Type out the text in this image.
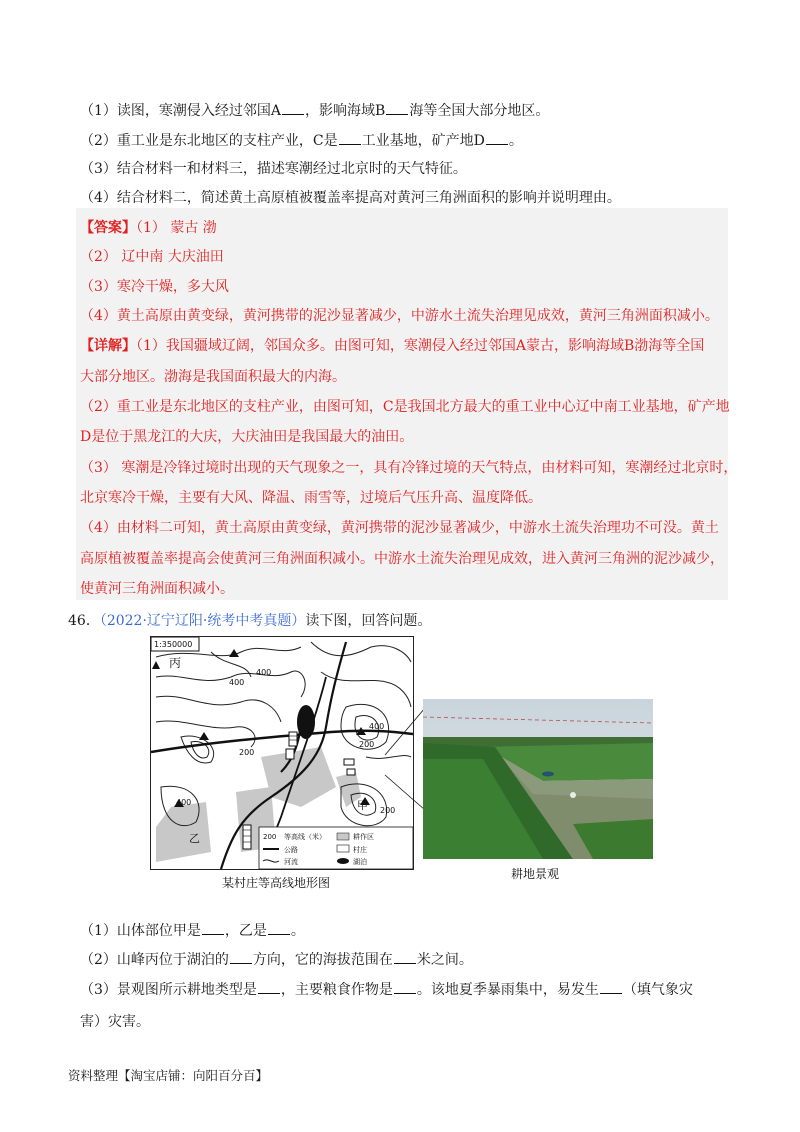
（1）读图，寒潮侵入经过邻国A ，影响海域B 海等全国大部分地区。
（2）重工业是东北地区的支柱产业，C是 工业基地，矿产地D 。
（3）结合材料一和材料三，描述寒潮经过北京时的天气特征。
（4）结合材料二，简述黄土高原植被覆盖率提高对黄河三角洲面积的影响并说明理由。
【答案】（1） 蒙古 渤
（2） 辽中南 大庆油田
（3）寒冷干燥，多大风
（4）黄土高原由黄变绿，黄河携带的泥沙显著减少，中游水土流失治理见成效，黄河三角洲面积减小。
【详解】（1）我国疆域辽阔，邻国众多。由图可知，寒潮侵入经过邻国A蒙古，影响海域B渤海等全国
大部分地区。渤海是我国面积最大的内海。
（2）重工业是东北地区的支柱产业，由图可知，C是我国北方最大的重工业中心辽中南工业基地，矿产地
D是位于黑龙江的大庆，大庆油田是我国最大的油田。
（3） 寒潮是冷锋过境时出现的天气现象之一，具有冷锋过境的天气特点，由材料可知，寒潮经过北京时，
北京寒冷干燥，主要有大风、降温、雨雪等，过境后气压升高、温度降低。
（4）由材料二可知，黄土高原由黄变绿，黄河携带的泥沙显著减少，中游水土流失治理功不可没。黄土
高原植被覆盖率提高会使黄河三角洲面积减小。中游水土流失治理见成效，进入黄河三角洲的泥沙减少，
使黄河三角洲面积减小。
46．（2022·辽宁辽阳·统考中考真题）读下图，回答问题。
400
400
200
400
200
400
200
1:350000
丙
甲
乙	200 等高线（米）
公路
河流
耕作区
村庄
湖泊
某村庄等高线地形图
耕地景观
（1）山体部位甲是 ，乙是 。
（2）山峰丙位于湖泊的 方向，它的海拔范围在 米之间。
（3）景观图所示耕地类型是 ，主要粮食作物是 。该地夏季暴雨集中，易发生 （填气象灾
害）灾害。
资料整理【淘宝店铺：向阳百分百】
